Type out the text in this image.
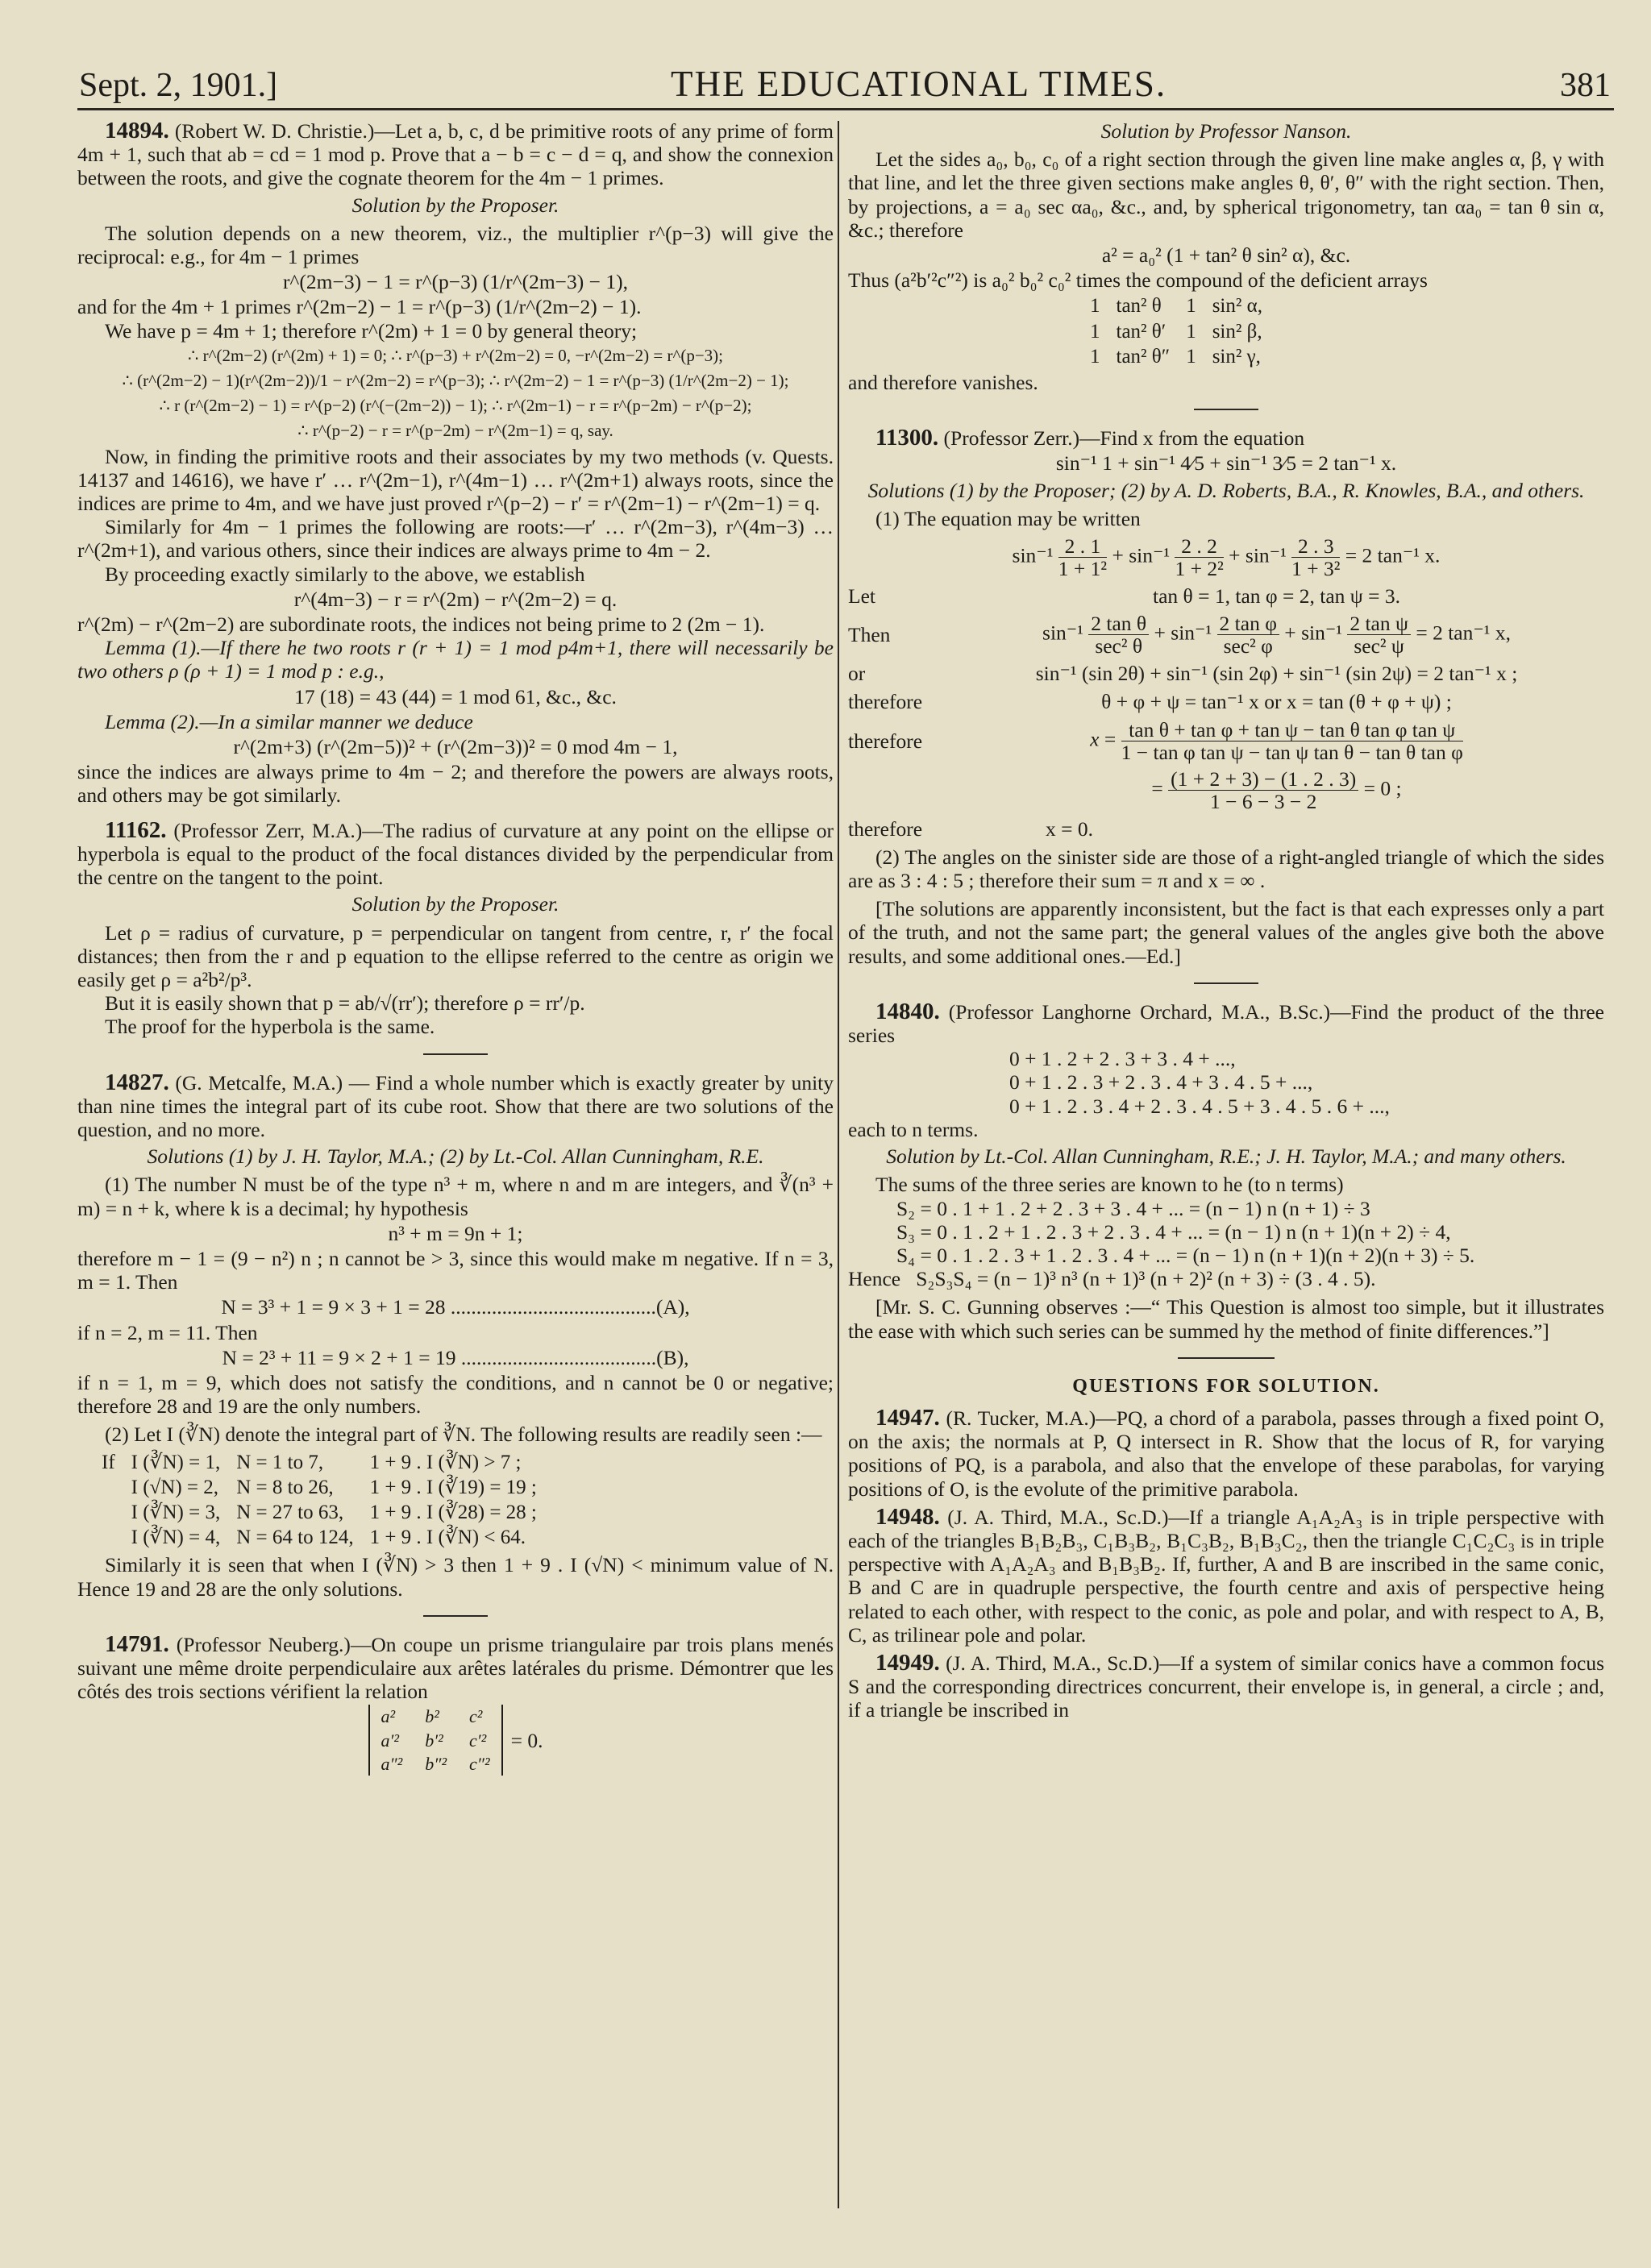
Sept. 2, 1901.]	THE EDUCATIONAL TIMES.	381

14894. (Robert W. D. Christie.)—Let a, b, c, d be primitive roots of any prime of form 4m + 1, such that ab = cd = 1 mod p. Prove that a − b = c − d = q, and show the connexion between the roots, and give the cognate theorem for the 4m − 1 primes.

Solution by the Proposer.

The solution depends on a new theorem, viz., the multiplier r^(p−3) will give the reciprocal: e.g., for 4m − 1 primes

r^(2m−3) − 1 = r^(p−3) (1/r^(2m−3) − 1),

and for the 4m + 1 primes r^(2m−2) − 1 = r^(p−3) (1/r^(2m−2) − 1).

We have p = 4m + 1; therefore r^(2m) + 1 = 0 by general theory;

∴ r^(2m−2) (r^(2m) + 1) = 0; ∴ r^(p−3) + r^(2m−2) = 0, −r^(2m−2) = r^(p−3);

∴ (r^(2m−2) − 1)(r^(2m−2))/1 − r^(2m−2) = r^(p−3); ∴ r^(2m−2) − 1 = r^(p−3) (1/r^(2m−2) − 1);

∴ r (r^(2m−2) − 1) = r^(p−2) (r^(−(2m−2)) − 1); ∴ r^(2m−1) − r = r^(p−2m) − r^(p−2);

∴ r^(p−2) − r = r^(p−2m) − r^(2m−1) = q, say.

Now, in finding the primitive roots and their associates by my two methods (v. Quests. 14137 and 14616), we have r′ … r^(2m−1), r^(4m−1) … r^(2m+1) always roots, since the indices are prime to 4m, and we have just proved r^(p−2) − r′ = r^(2m−1) − r^(2m−1) = q.

Similarly for 4m − 1 primes the following are roots:—r′ … r^(2m−3), r^(4m−3) … r^(2m+1), and various others, since their indices are always prime to 4m − 2.

By proceeding exactly similarly to the above, we establish

r^(4m−3) − r = r^(2m) − r^(2m−2) = q.

r^(2m) − r^(2m−2) are subordinate roots, the indices not being prime to 2 (2m − 1).

Lemma (1).—If there he two roots r (r + 1) = 1 mod p4m+1, there will necessarily be two others ρ (ρ + 1) = 1 mod p : e.g.,

17 (18) = 43 (44) = 1 mod 61, &c., &c.

Lemma (2).—In a similar manner we deduce

r^(2m+3) (r^(2m−5))² + (r^(2m−3))² = 0 mod 4m − 1,

since the indices are always prime to 4m − 2; and therefore the powers are always roots, and others may be got similarly.

11162. (Professor Zerr, M.A.)—The radius of curvature at any point on the ellipse or hyperbola is equal to the product of the focal distances divided by the perpendicular from the centre on the tangent to the point.

Solution by the Proposer.

Let ρ = radius of curvature, p = perpendicular on tangent from centre, r, r′ the focal distances; then from the r and p equation to the ellipse referred to the centre as origin we easily get ρ = a²b²/p³.

But it is easily shown that p = ab/√(rr′); therefore ρ = rr′/p.

The proof for the hyperbola is the same.

14827. (G. Metcalfe, M.A.) — Find a whole number which is exactly greater by unity than nine times the integral part of its cube root. Show that there are two solutions of the question, and no more.

Solutions (1) by J. H. Taylor, M.A.; (2) by Lt.-Col. Allan Cunningham, R.E.

(1) The number N must be of the type n³ + m, where n and m are integers, and ∛(n³ + m) = n + k, where k is a decimal; hy hypothesis

n³ + m = 9n + 1;

therefore m − 1 = (9 − n²) n ; n cannot be > 3, since this would make m negative. If n = 3, m = 1. Then

N = 3³ + 1 = 9 × 3 + 1 = 28 ........................................(A),

if n = 2, m = 11. Then

N = 2³ + 11 = 9 × 2 + 1 = 19 ......................................(B),

if n = 1, m = 9, which does not satisfy the conditions, and n cannot be 0 or negative; therefore 28 and 19 are the only numbers.

(2) Let I (∛N) denote the integral part of ∛N. The following results are readily seen :—

If	I (∛N) = 1,	N = 1 to 7,	1 + 9 . I (∛N) > 7 ;
	I (√N) = 2,	N = 8 to 26,	1 + 9 . I (∛19) = 19 ;
	I (∛N) = 3,	N = 27 to 63,	1 + 9 . I (∛28) = 28 ;
	I (∛N) = 4,	N = 64 to 124,	1 + 9 . I (∛N) < 64.

Similarly it is seen that when I (∛N) > 3 then 1 + 9 . I (√N) < minimum value of N. Hence 19 and 28 are the only solutions.

14791. (Professor Neuberg.)—On coupe un prisme triangulaire par trois plans menés suivant une même droite perpendiculaire aux arêtes latérales du prisme. Démontrer que les côtés des trois sections vérifient la relation

a²	b²	c²
a′²	b′²	c′²
a″²	b″²	c″²
= 0.

Solution by Professor Nanson.

Let the sides a₀, b₀, c₀ of a right section through the given line make angles α, β, γ with that line, and let the three given sections make angles θ, θ′, θ″ with the right section. Then, by projections, a = a₀ sec αa₀, &c., and, by spherical trigonometry, tan αa₀ = tan θ sin α, &c.; therefore

a² = a₀² (1 + tan² θ sin² α), &c.

Thus (a²b′²c″²) is a₀² b₀² c₀² times the compound of the deficient arrays

1	tan² θ	1	sin² α,
1	tan² θ′	1	sin² β,
1	tan² θ″	1	sin² γ,

and therefore vanishes.

11300. (Professor Zerr.)—Find x from the equation

sin⁻¹ 1 + sin⁻¹ 4⁄5 + sin⁻¹ 3⁄5 = 2 tan⁻¹ x.

Solutions (1) by the Proposer; (2) by A. D. Roberts, B.A., R. Knowles, B.A., and others.

(1) The equation may be written

$\sin^{-1} \frac{2 . 1}{\text{1 + 1²}} + \sin^{-1} \frac{2 . 2}{\text{1 + 2²}} + \sin^{-1} \frac{2 . 3}{\text{1 + 3²}} = 2$ tan⁻¹ x.
Let	tan θ = 1, tan φ = 2, tan ψ = 3.
Then	$\sin^{-1} \frac{\text{2 tan θ}}{\text{sec² θ}} + \sin^{-1} \frac{\text{2 tan φ}}{\text{sec² φ}} + \sin^{-1} \frac{\text{2 tan ψ}}{\text{sec² ψ}} = 2$ tan⁻¹ x,
or	sin⁻¹ (sin 2θ) + sin⁻¹ (sin 2φ) + sin⁻¹ (sin 2ψ) = 2 tan⁻¹ x ;
therefore	θ + φ + ψ = tan⁻¹ x or x = tan (θ + φ + ψ) ;
therefore	$x = \frac{\text{tan θ + tan φ + tan ψ − tan θ tan φ tan ψ}}{\text{1 − tan φ tan ψ − tan ψ tan θ − tan θ tan φ}}$
= $\frac{(1 + 2 + 3) - (1 . 2 . 3)}{1 - 6 - 3 - 2} = 0$ ;
therefore	x = 0.

(2) The angles on the sinister side are those of a right-angled triangle of which the sides are as 3 : 4 : 5 ; therefore their sum = π and x = ∞ .

[The solutions are apparently inconsistent, but the fact is that each expresses only a part of the truth, and not the same part; the general values of the angles give both the above results, and some additional ones.—Ed.]

14840. (Professor Langhorne Orchard, M.A., B.Sc.)—Find the product of the three series

0 + 1 . 2 + 2 . 3 + 3 . 4 + ...,

0 + 1 . 2 . 3 + 2 . 3 . 4 + 3 . 4 . 5 + ...,

0 + 1 . 2 . 3 . 4 + 2 . 3 . 4 . 5 + 3 . 4 . 5 . 6 + ...,

each to n terms.

Solution by Lt.-Col. Allan Cunningham, R.E.; J. H. Taylor, M.A.; and many others.

The sums of the three series are known to he (to n terms)

S₂ = 0 . 1 + 1 . 2 + 2 . 3 + 3 . 4 + ... = (n − 1) n (n + 1) ÷ 3

S₃ = 0 . 1 . 2 + 1 . 2 . 3 + 2 . 3 . 4 + ... = (n − 1) n (n + 1)(n + 2) ÷ 4,

S₄ = 0 . 1 . 2 . 3 + 1 . 2 . 3 . 4 + ... = (n − 1) n (n + 1)(n + 2)(n + 3) ÷ 5.

Hence S₂S₃S₄ = (n − 1)³ n³ (n + 1)³ (n + 2)² (n + 3) ÷ (3 . 4 . 5).

[Mr. S. C. Gunning observes :—“ This Question is almost too simple, but it illustrates the ease with which such series can be summed hy the method of finite differences.”]

QUESTIONS FOR SOLUTION.

14947. (R. Tucker, M.A.)—PQ, a chord of a parabola, passes through a fixed point O, on the axis; the normals at P, Q intersect in R. Show that the locus of R, for varying positions of PQ, is a parabola, and also that the envelope of these parabolas, for varying positions of O, is the evolute of the primitive parabola.

14948. (J. A. Third, M.A., Sc.D.)—If a triangle A₁A₂A₃ is in triple perspective with each of the triangles B₁B₂B₃, C₁B₃B₂, B₁C₃B₂, B₁B₃C₂, then the triangle C₁C₂C₃ is in triple perspective with A₁A₂A₃ and B₁B₃B₂. If, further, A and B are inscribed in the same conic, B and C are in quadruple perspective, the fourth centre and axis of perspective heing related to each other, with respect to the conic, as pole and polar, and with respect to A, B, C, as trilinear pole and polar.

14949. (J. A. Third, M.A., Sc.D.)—If a system of similar conics have a common focus S and the corresponding directrices concurrent, their envelope is, in general, a circle ; and, if a triangle be inscribed in
